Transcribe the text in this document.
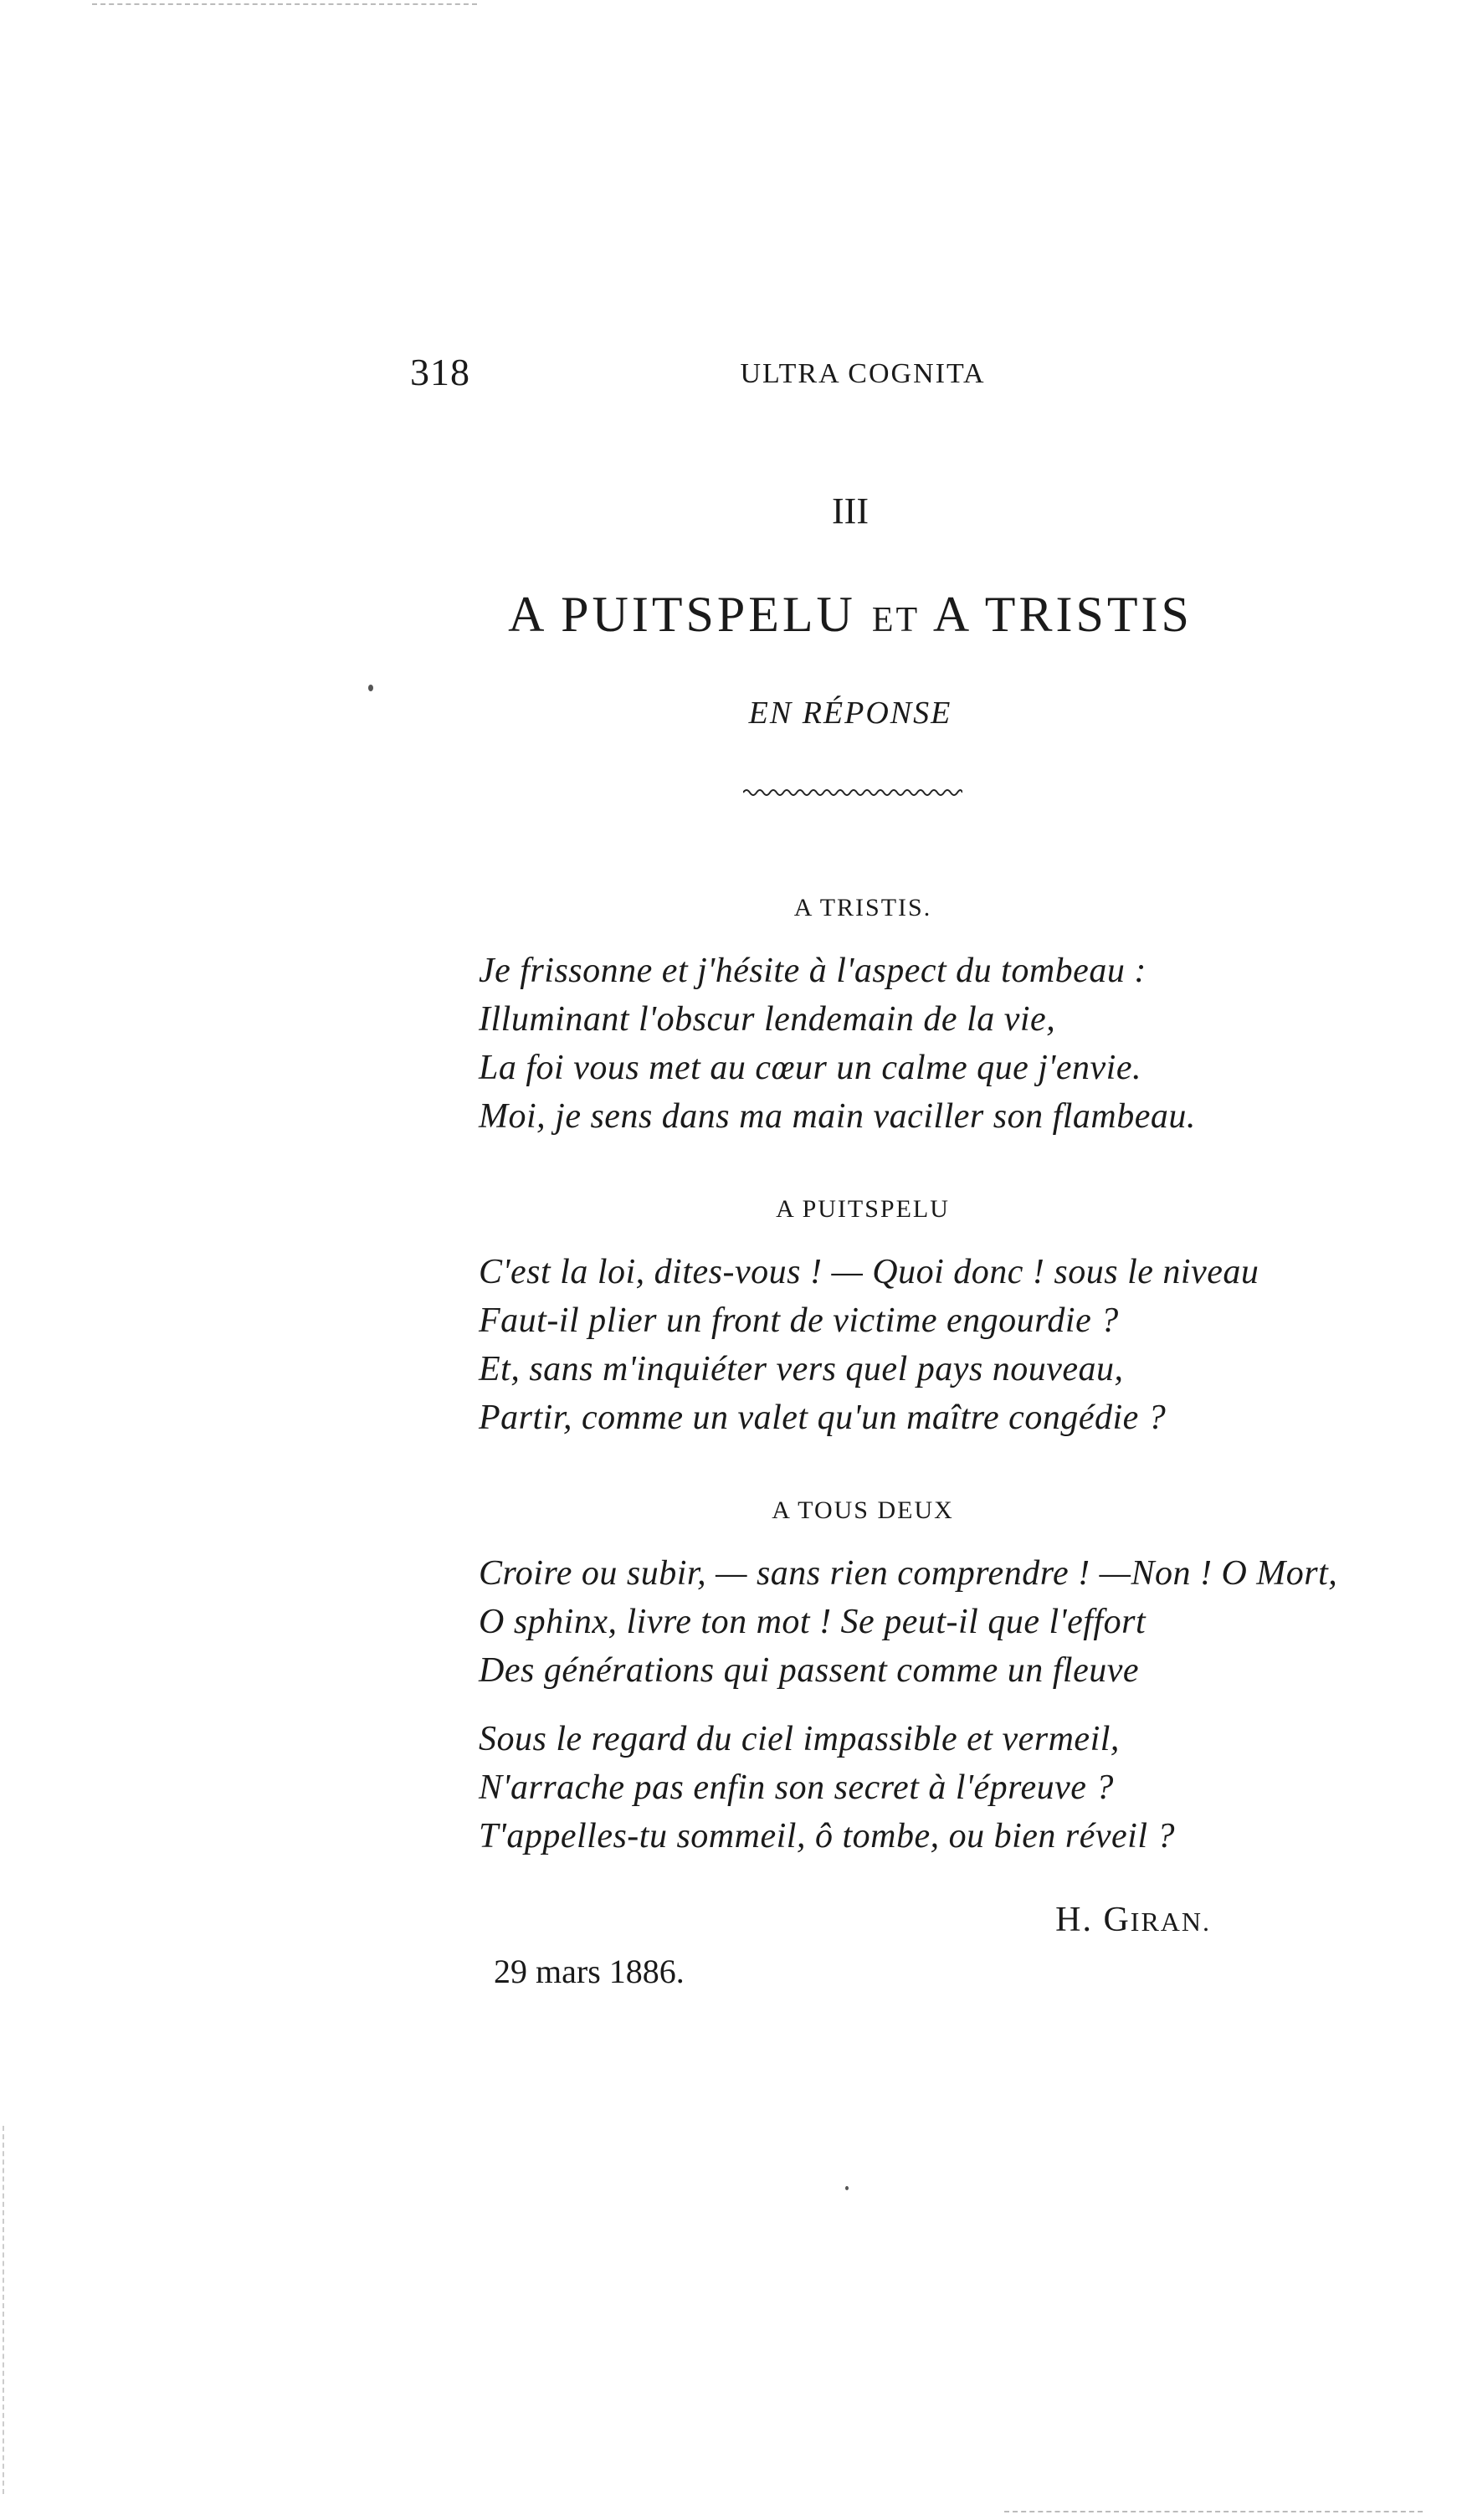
318	ULTRA COGNITA
III
A PUITSPELU ET A TRISTIS
EN RÉPONSE
A TRISTIS.
Je frissonne et j'hésite à l'aspect du tombeau :
Illuminant l'obscur lendemain de la vie,
La foi vous met au cœur un calme que j'envie.
Moi, je sens dans ma main vaciller son flambeau.
A PUITSPELU
C'est la loi, dites-vous ! — Quoi donc ! sous le niveau
Faut-il plier un front de victime engourdie ?
Et, sans m'inquiéter vers quel pays nouveau,
Partir, comme un valet qu'un maître congédie ?
A TOUS DEUX
Croire ou subir, — sans rien comprendre ! —Non ! O Mort,
O sphinx, livre ton mot ! Se peut-il que l'effort
Des générations qui passent comme un fleuve
Sous le regard du ciel impassible et vermeil,
N'arrache pas enfin son secret à l'épreuve ?
T'appelles-tu sommeil, ô tombe, ou bien réveil ?
H. GIRAN.
29 mars 1886.
